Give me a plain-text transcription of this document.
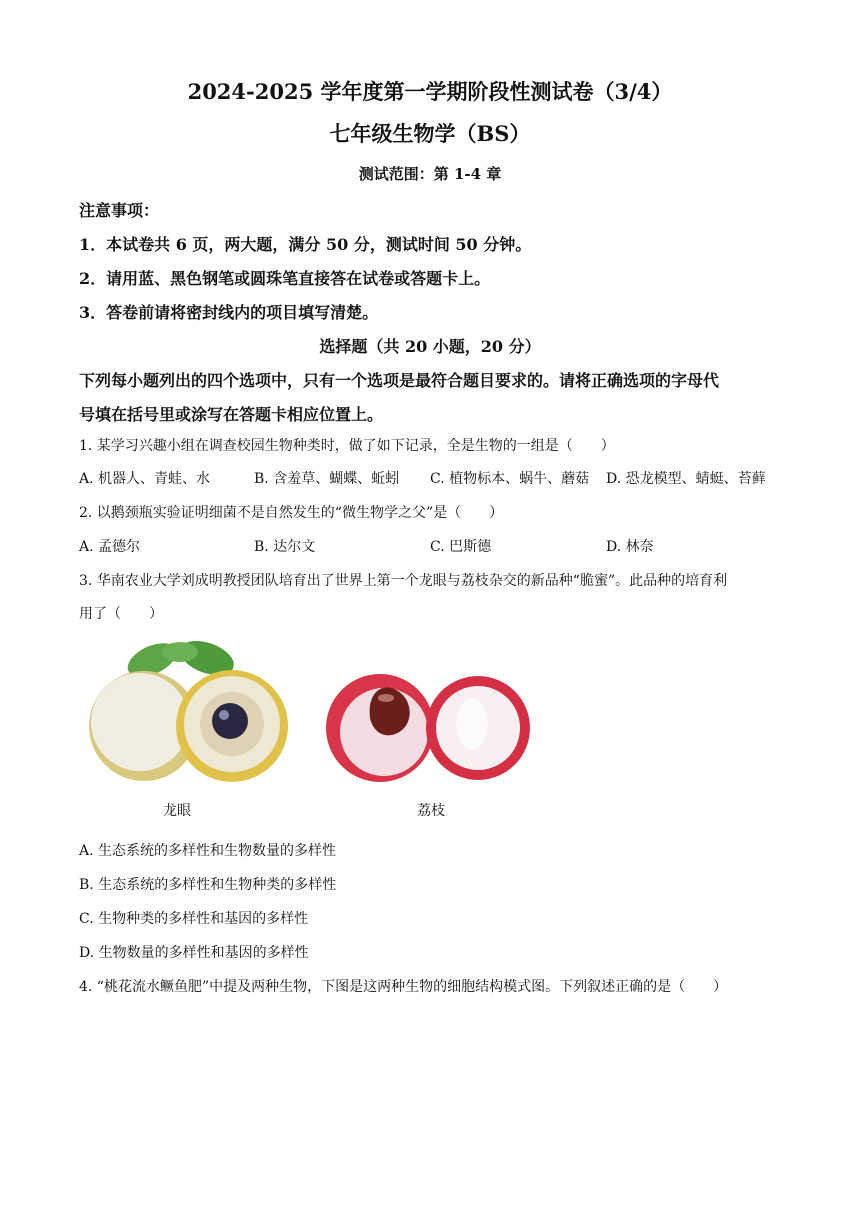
2024-2025 学年度第一学期阶段性测试卷（3/4）
七年级生物学（BS）
测试范围：第 1-4 章
注意事项：
1．本试卷共 6 页，两大题，满分 50 分，测试时间 50 分钟。
2．请用蓝、黑色钢笔或圆珠笔直接答在试卷或答题卡上。
3．答卷前请将密封线内的项目填写清楚。
选择题（共 20 小题，20 分）
下列每小题列出的四个选项中，只有一个选项是最符合题目要求的。请将正确选项的字母代
号填在括号里或涂写在答题卡相应位置上。
1. 某学习兴趣小组在调查校园生物种类时，做了如下记录，全是生物的一组是（　　）
A. 机器人、青蛙、水	B. 含羞草、蝴蝶、蚯蚓 C. 植物标本、蜗牛、蘑菇 D. 恐龙模型、蜻蜓、苔藓
2. 以鹅颈瓶实验证明细菌不是自然发生的“微生物学之父”是（　　）
A. 孟德尔	B. 达尔文	C. 巴斯德	D. 林奈
3. 华南农业大学刘成明教授团队培育出了世界上第一个龙眼与荔枝杂交的新品种“脆蜜”。此品种的培育利
用了（　　）
龙眼	荔枝
A. 生态系统的多样性和生物数量的多样性
B. 生态系统的多样性和生物种类的多样性
C. 生物种类的多样性和基因的多样性
D. 生物数量的多样性和基因的多样性
4. “桃花流水鳜鱼肥”中提及两种生物，下图是这两种生物的细胞结构模式图。下列叙述正确的是（　　）
